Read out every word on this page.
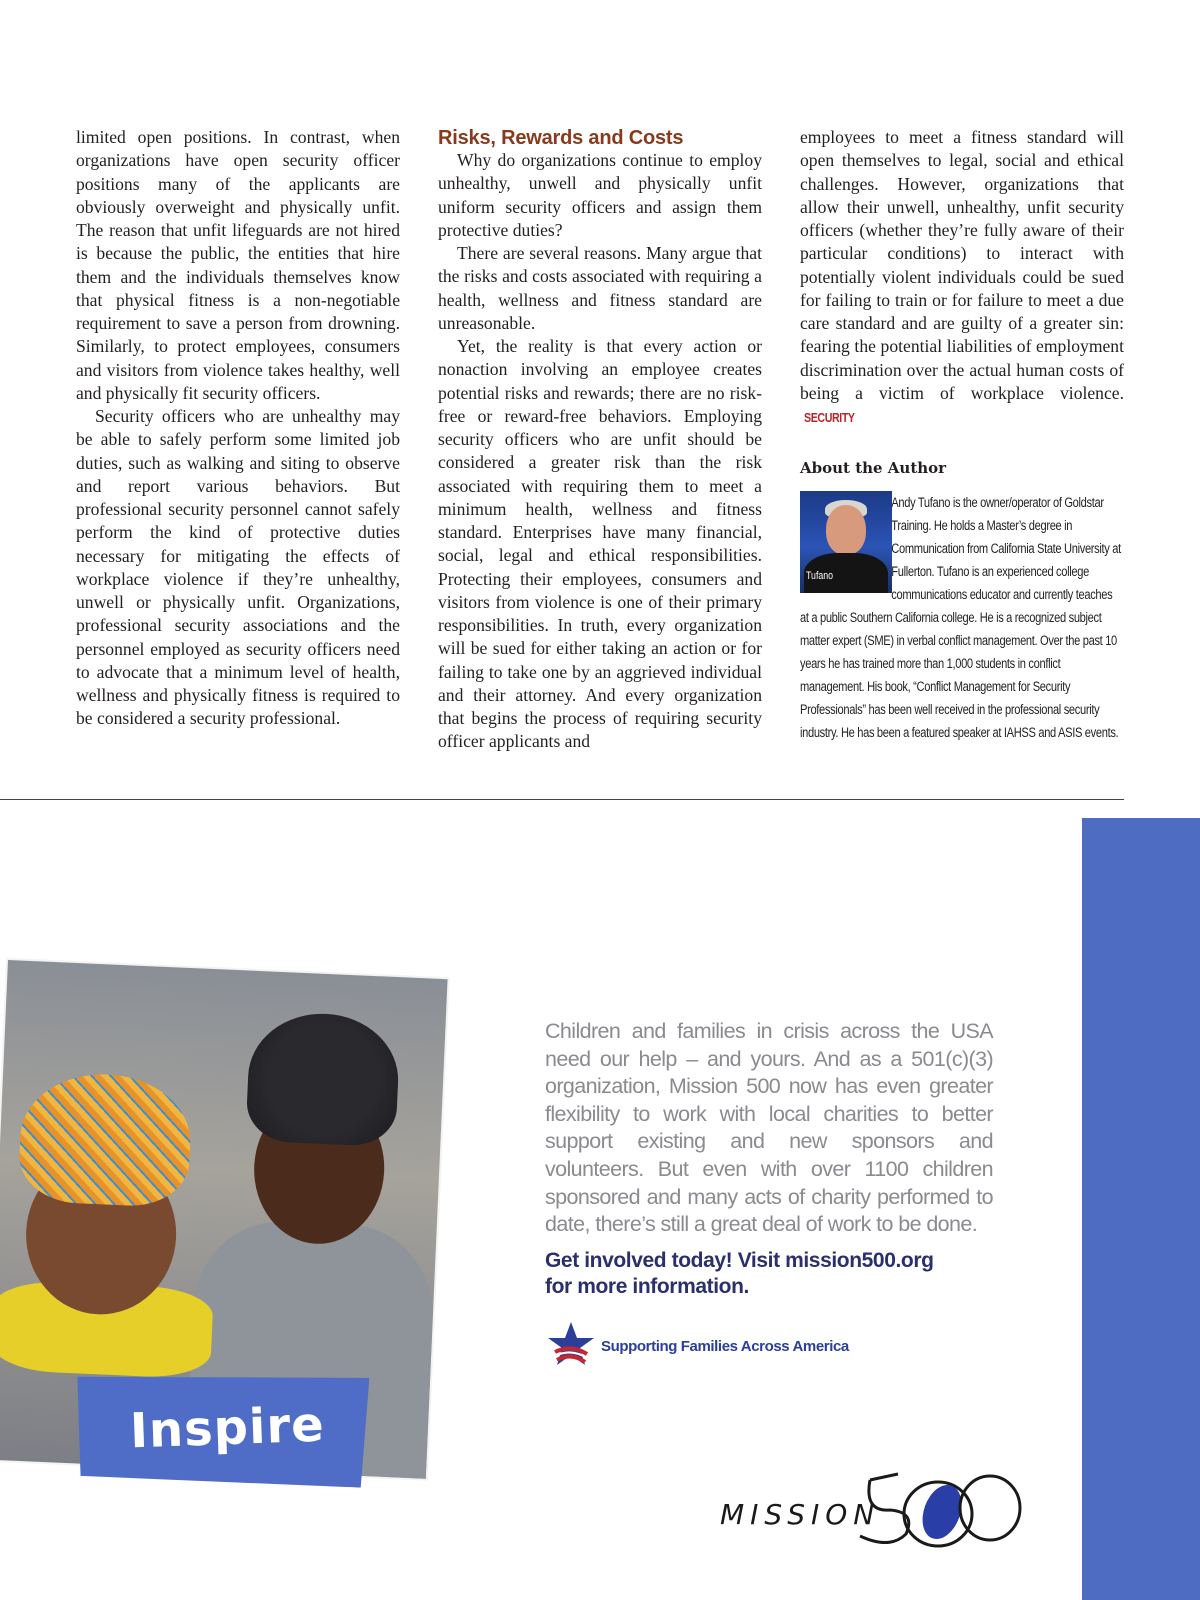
limited open positions. In contrast, when organizations have open security officer positions many of the applicants are obviously overweight and physically unfit. The reason that unfit lifeguards are not hired is because the public, the entities that hire them and the individuals themselves know that physical fitness is a non-negotiable requirement to save a person from drowning. Similarly, to protect employees, consumers and visitors from violence takes healthy, well and physically fit security officers.

Security officers who are unhealthy may be able to safely perform some limited job duties, such as walking and siting to observe and report various behaviors. But professional security personnel cannot safely perform the kind of protective duties necessary for mitigating the effects of workplace violence if they’re unhealthy, unwell or physically unfit. Organizations, professional security associations and the personnel employed as security officers need to advocate that a minimum level of health, wellness and physically fitness is required to be considered a security professional.

Risks, Rewards and Costs

Why do organizations continue to employ unhealthy, unwell and physically unfit uniform security officers and assign them protective duties?

There are several reasons. Many argue that the risks and costs associated with requiring a health, wellness and fitness standard are unreasonable.

Yet, the reality is that every action or nonaction involving an employee creates potential risks and rewards; there are no risk-free or reward-free behaviors. Employing security officers who are unfit should be considered a greater risk than the risk associated with requiring them to meet a minimum health, wellness and fitness standard. Enterprises have many financial, social, legal and ethical responsibilities. Protecting their employees, consumers and visitors from violence is one of their primary responsibilities. In truth, every organization will be sued for either taking an action or for failing to take one by an aggrieved individual and their attorney. And every organization that begins the process of requiring security officer applicants and

employees to meet a fitness standard will open themselves to legal, social and ethical challenges. However, organizations that allow their unwell, unhealthy, unfit security officers (whether they’re fully aware of their particular conditions) to interact with potentially violent individuals could be sued for failing to train or for failure to meet a due care standard and are guilty of a greater sin: fearing the potential liabilities of employment discrimination over the actual human costs of being a victim of workplace violence. SECURITY

About the Author
Tufano
Andy Tufano is the owner/operator of Goldstar Training. He holds a Master’s degree in Communication from California State University at Fullerton. Tufano is an experienced college communications educator and currently teaches at a public Southern California college. He is a recognized subject matter expert (SME) in verbal conflict management. Over the past 10 years he has trained more than 1,000 students in conflict management. His book, “Conflict Management for Security Professionals” has been well received in the professional security industry. He has been a featured speaker at IAHSS and ASIS events.
Inspire
Children and families in crisis across the USA need our help – and yours. And as a 501(c)(3) organization, Mission 500 now has even greater flexibility to work with local charities to better support existing and new sponsors and volunteers. But even with over 1100 children sponsored and many acts of charity performed to date, there’s still a great deal of work to be done.
Get involved today! Visit mission500.org
for more information.
Supporting Families Across America
MISSION
